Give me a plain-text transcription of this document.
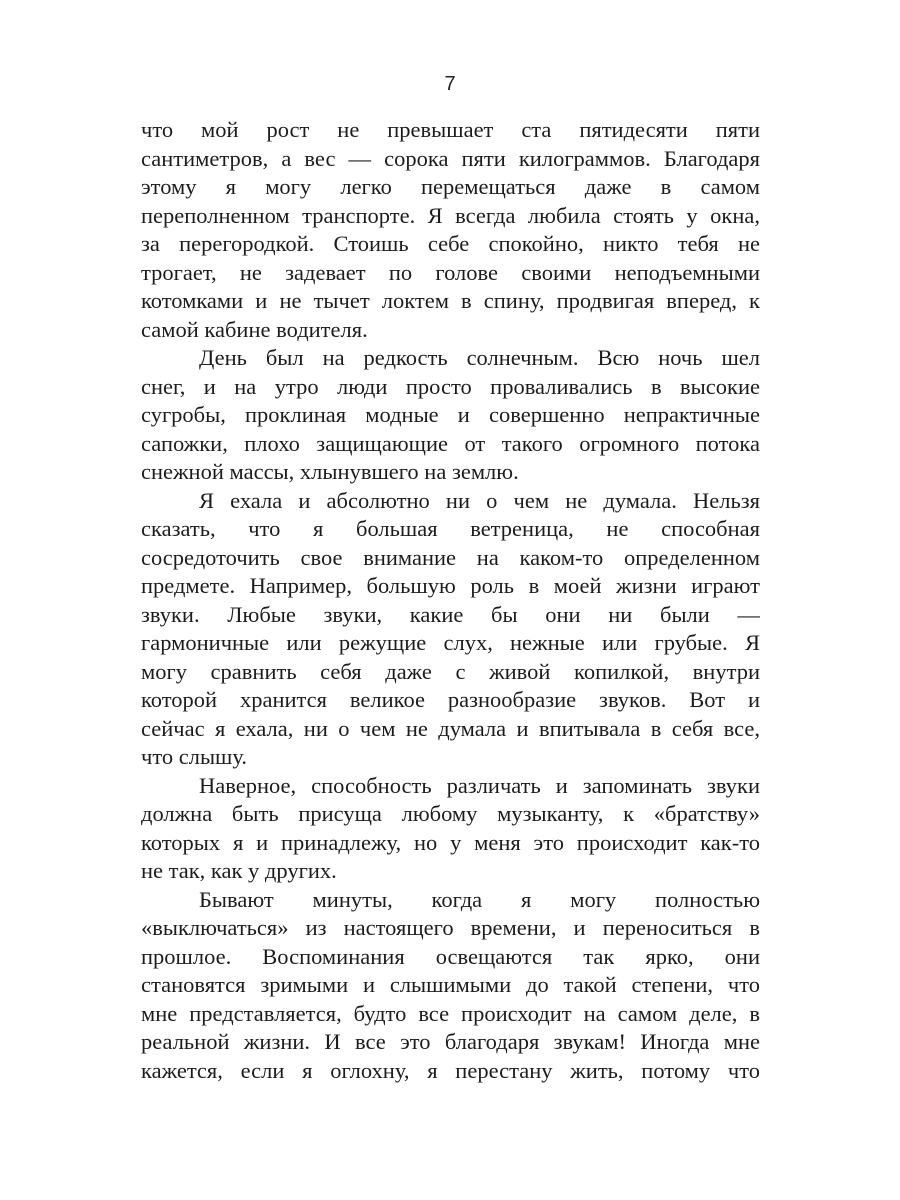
7
что мой рост не превышает ста пятидесяти пяти
сантиметров, а вес — сорока пяти килограммов. Благодаря
этому я могу легко перемещаться даже в самом
переполненном транспорте. Я всегда любила стоять у окна,
за перегородкой. Стоишь себе спокойно, никто тебя не
трогает, не задевает по голове своими неподъемными
котомками и не тычет локтем в спину, продвигая вперед, к
самой кабине водителя.
День был на редкость солнечным. Всю ночь шел
снег, и на утро люди просто проваливались в высокие
сугробы, проклиная модные и совершенно непрактичные
сапожки, плохо защищающие от такого огромного потока
снежной массы, хлынувшего на землю.
Я ехала и абсолютно ни о чем не думала. Нельзя
сказать, что я большая ветреница, не способная
сосредоточить свое внимание на каком-то определенном
предмете. Например, большую роль в моей жизни играют
звуки. Любые звуки, какие бы они ни были —
гармоничные или режущие слух, нежные или грубые. Я
могу сравнить себя даже с живой копилкой, внутри
которой хранится великое разнообразие звуков. Вот и
сейчас я ехала, ни о чем не думала и впитывала в себя все,
что слышу.
Наверное, способность различать и запоминать звуки
должна быть присуща любому музыканту, к «братству»
которых я и принадлежу, но у меня это происходит как-то
не так, как у других.
Бывают минуты, когда я могу полностью
«выключаться» из настоящего времени, и переноситься в
прошлое. Воспоминания освещаются так ярко, они
становятся зримыми и слышимыми до такой степени, что
мне представляется, будто все происходит на самом деле, в
реальной жизни. И все это благодаря звукам! Иногда мне
кажется, если я оглохну, я перестану жить, потому что
